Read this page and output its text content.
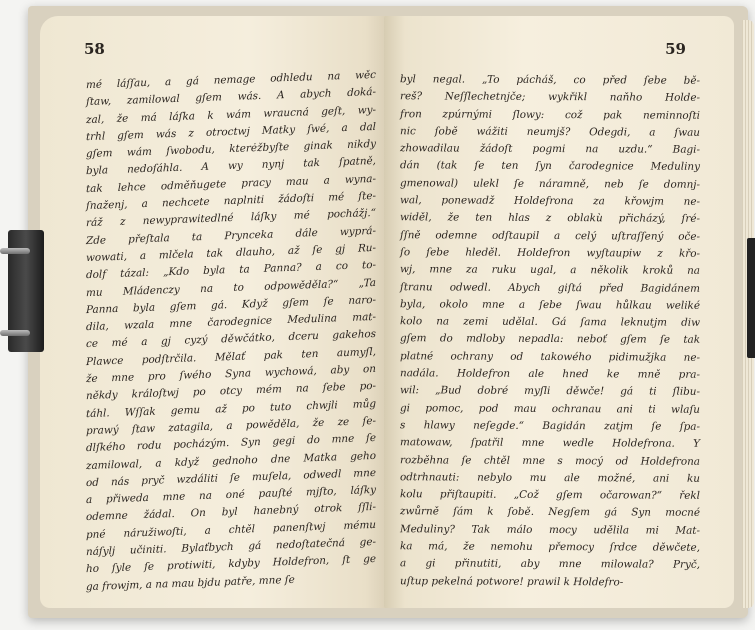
58
mé láſſau, a gá nemage odhledu na wěc
ſtaw, zamilowal gſem wás. A abych doká-
zal, že má láſka k wám wraucná geſt, wy-
trhl gſem wás z otroctwj Matky ſwé, a dal
gſem wám ſwobodu, kterėžbyſte ginak nikdy
byla nedoſáhla. A wy nynj tak ſpatně,
tak lehce odměňugete pracy mau a wyna-
ſnaženj, a nechcete naplniti žádoſti mé ſte-
ráž z newyprawitedlné láſky mé pochážj.“
Zde přeſtala ta Prynceka dále wyprá-
wowati, a mlčela tak dlauho, až ſe gj Ru-
dolf tázal: „Kdo byla ta Panna? a co to-
mu Mládenczy na to odpowěděla?“ „Ta
Panna byla gſem gá. Když gſem ſe naro-
dila, wzala mne čarodegnice Medulina mat-
ce mé a gj cyzý děwčátko, dceru gakehos
Plawce podſtrčila. Mělať pak ten aumyſl,
že mne pro ſwého Syna wychowá, aby on
někdy králoſtwj po otcy mém na ſebe po-
táhl. Wſſak gemu až po tuto chwjli můg
prawý ſtaw zatagila, a powěděla, že ze ſe-
dlſkého rodu pocházým. Syn gegi do mne ſe
zamilowal, a když gednoho dne Matka geho
od nás pryč wzdáliti ſe muſela, odwedl mne
a přiweda mne na oné pauſté mjſto, láſky
odemne žádal. On byl hanebný otrok ſſli-
pné náružiwoſti, a chtěl panenſtwj mému
náſylj učiniti. Bylaťbych gá nedoſtatečná ge-
ho ſyle ſe protiwiti, kdyby Holdefron, ſt ge
ga frowjm, a na mau bjdu patře, mne ſe
59
byl negal. „To pácháš, co před ſebe bě-
reš? Neſſlechetnjče; wykřikl naňho Holde-
fron zpúrnými ſlowy: což pak neminnoſti
nic ſobě wážiti neumjš? Odegdi, a ſwau
zhowadilau žádoſt pogmi na uzdu.“ Bagi-
dán (tak ſe ten ſyn čarodegnice Meduliny
gmenowal) ulekl ſe náramně, neb ſe domnj-
wal, ponewadž Holdefrona za křowjm ne-
widěl, že ten hlas z oblakù přicházý, ſré-
ſſně odemne odſtaupil a celý uſtraſſený oče-
ſo ſebe hleděl. Holdefron wyſtaupiw z křo-
wj, mne za ruku ugal, a několik kroků na
ſtranu odwedl. Abych giſtá před Bagidánem
byla, okolo mne a ſebe ſwau hůlkau weliké
kolo na zemi udělal. Gá ſama leknutjm diw
gſem do mdloby nepadla: neboť gſem ſe tak
platné ochrany od takowého pidimužjka ne-
nadála. Holdefron ale hned ke mně pra-
wil: „Bud dobré myſli děwče! gá ti ſlibu-
gi pomoc, pod mau ochranau ani ti wlaſu
s hlawy neſegde.“ Bagidán zatjm ſe ſpa-
matowaw, ſpatřil mne wedle Holdefrona. Y
rozběhna ſe chtěl mne s mocý od Holdefrona
odtrhnauti: nebylo mu ale možné, ani ku
kolu přiſtaupiti. „Což gſem očarowan?“ řekl
zwůrně ſám k ſobě. Negſem gá Syn mocné
Meduliny? Tak málo mocy udělila mi Mat-
ka má, že nemohu přemocy ſrdce děwčete,
a gi přinutiti, aby mne milowala? Pryč,
uſtup pekelná potwore! prawil k Holdefro-
